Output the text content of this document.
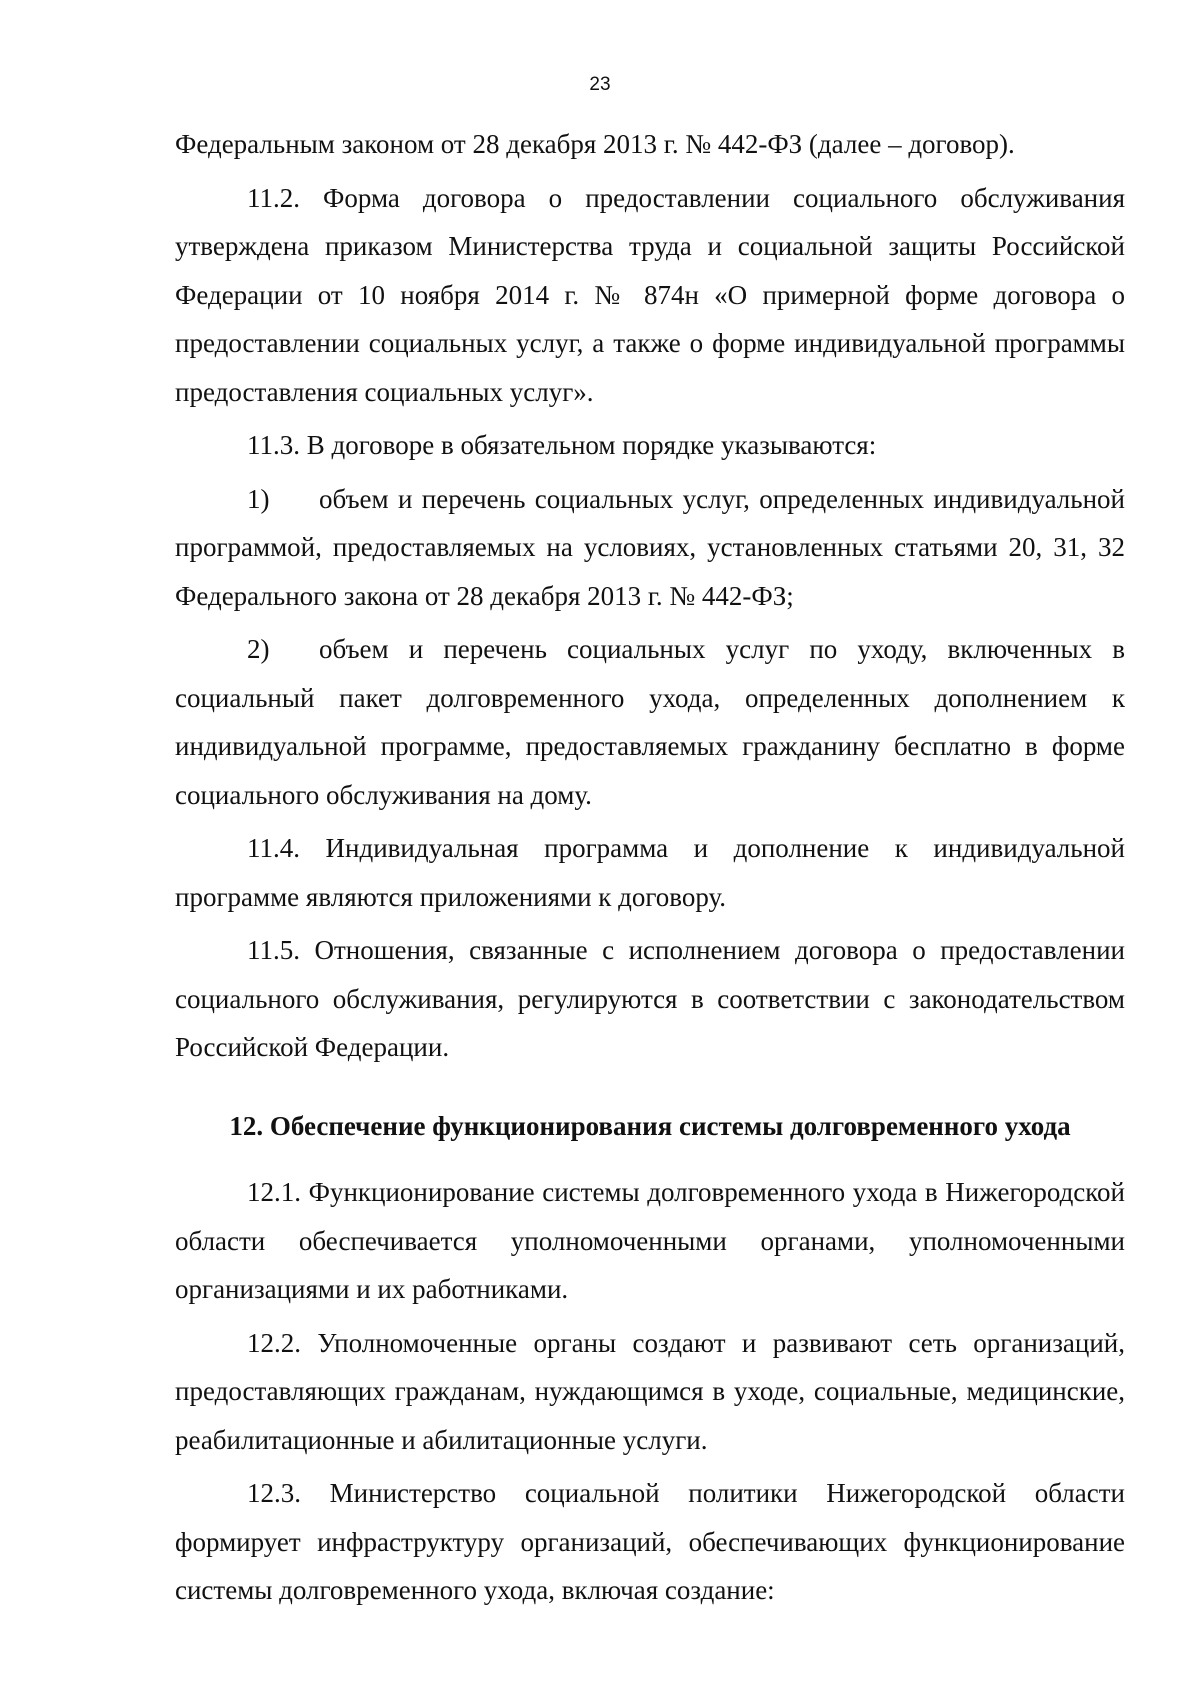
23

Федеральным законом от 28 декабря 2013 г. № 442-ФЗ (далее – договор).

11.2. Форма договора о предоставлении социального обслуживания утверждена приказом Министерства труда и социальной защиты Российской Федерации от 10 ноября 2014 г. № 874н «О примерной форме договора о предоставлении социальных услуг, а также о форме индивидуальной программы предоставления социальных услуг».

11.3. В договоре в обязательном порядке указываются:

1) объем и перечень социальных услуг, определенных индивидуальной программой, предоставляемых на условиях, установленных статьями 20, 31, 32 Федерального закона от 28 декабря 2013 г. № 442-ФЗ;

2) объем и перечень социальных услуг по уходу, включенных в социальный пакет долговременного ухода, определенных дополнением к индивидуальной программе, предоставляемых гражданину бесплатно в форме социального обслуживания на дому.

11.4. Индивидуальная программа и дополнение к индивидуальной программе являются приложениями к договору.

11.5. Отношения, связанные с исполнением договора о предоставлении социального обслуживания, регулируются в соответствии с законодательством Российской Федерации.

12. Обеспечение функционирования системы долговременного ухода

12.1. Функционирование системы долговременного ухода в Нижегородской области обеспечивается уполномоченными органами, уполномоченными организациями и их работниками.

12.2. Уполномоченные органы создают и развивают сеть организаций, предоставляющих гражданам, нуждающимся в уходе, социальные, медицинские, реабилитационные и абилитационные услуги.

12.3. Министерство социальной политики Нижегородской области формирует инфраструктуру организаций, обеспечивающих функционирование системы долговременного ухода, включая создание:
